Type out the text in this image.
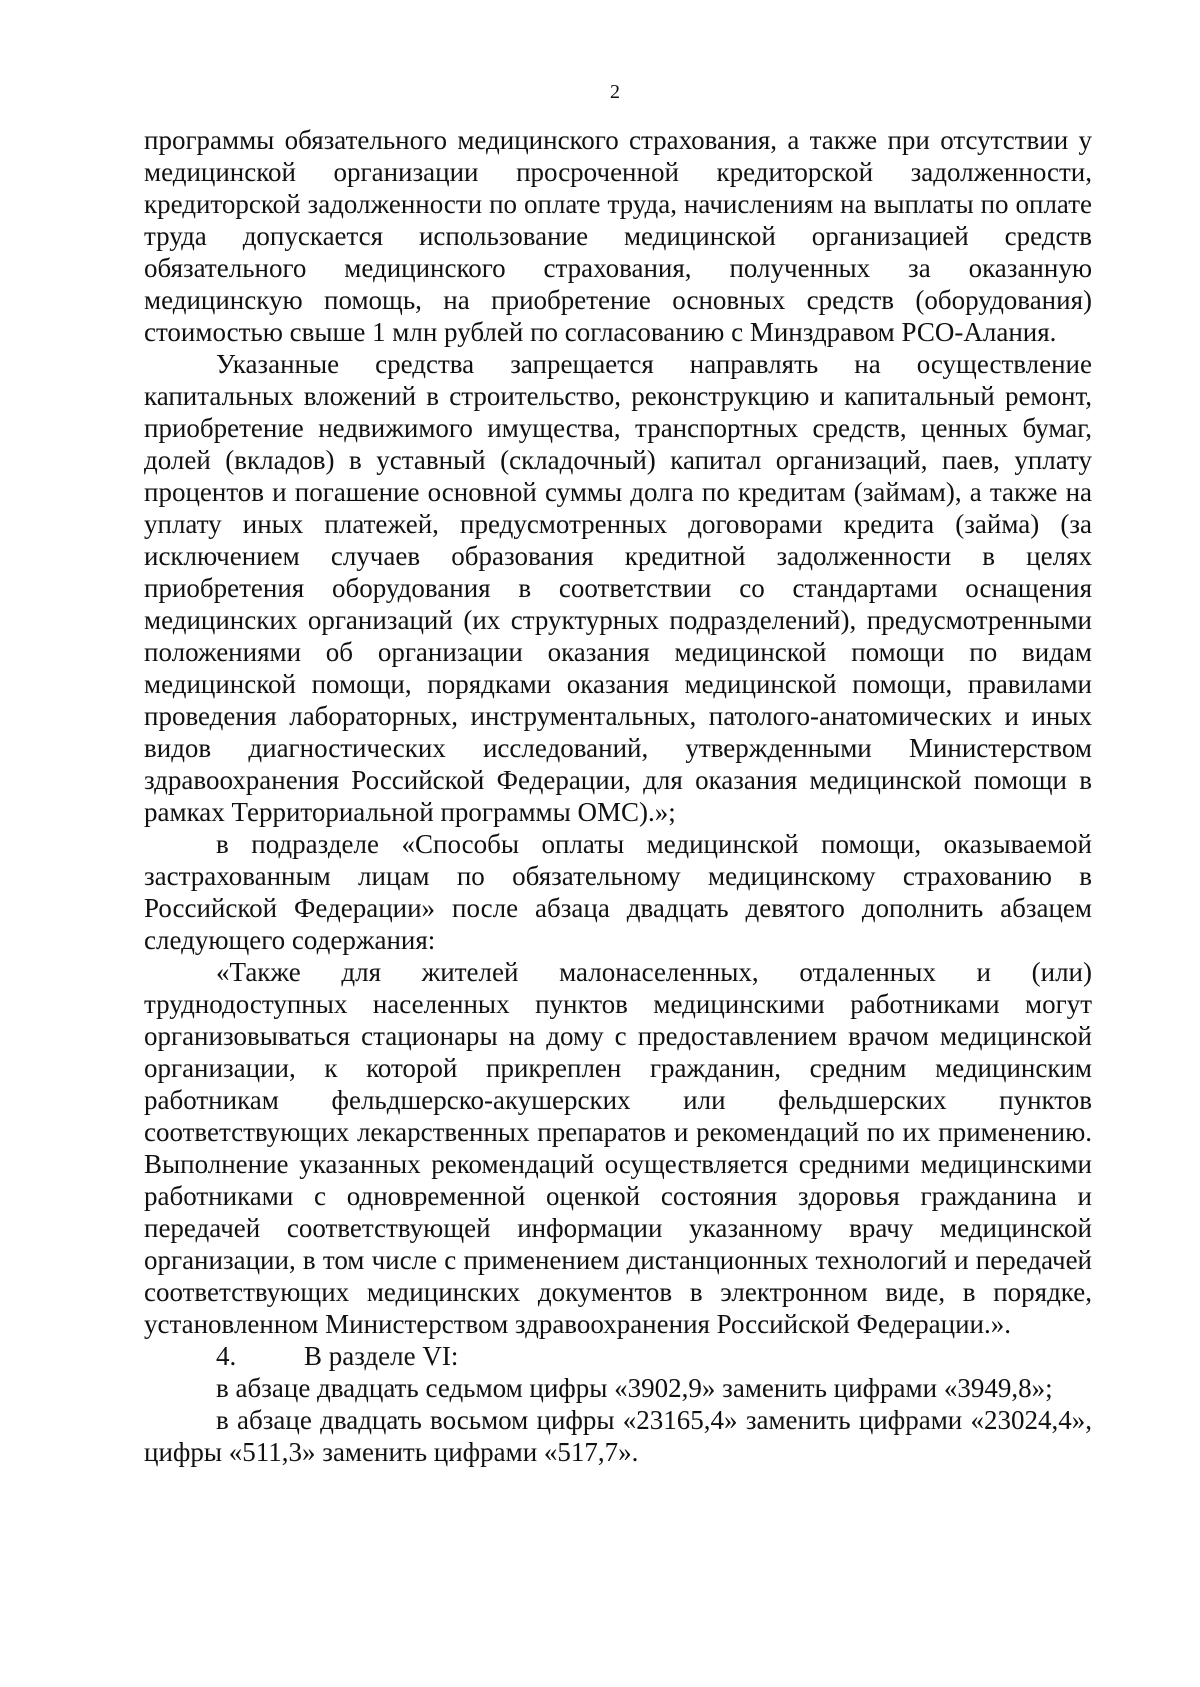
2

программы обязательного медицинского страхования, а также при отсутствии у медицинской организации просроченной кредиторской задолженности, кредиторской задолженности по оплате труда, начислениям на выплаты по оплате труда допускается использование медицинской организацией средств обязательного медицинского страхования, полученных за оказанную медицинскую помощь, на приобретение основных средств (оборудования) стоимостью свыше 1 млн рублей по согласованию с Минздравом РСО-Алания.

Указанные средства запрещается направлять на осуществление капитальных вложений в строительство, реконструкцию и капитальный ремонт, приобретение недвижимого имущества, транспортных средств, ценных бумаг, долей (вкладов) в уставный (складочный) капитал организаций, паев, уплату процентов и погашение основной суммы долга по кредитам (займам), а также на уплату иных платежей, предусмотренных договорами кредита (займа) (за исключением случаев образования кредитной задолженности в целях приобретения оборудования в соответствии со стандартами оснащения медицинских организаций (их структурных подразделений), предусмотренными положениями об организации оказания медицинской помощи по видам медицинской помощи, порядками оказания медицинской помощи, правилами проведения лабораторных, инструментальных, патолого-анатомических и иных видов диагностических исследований, утвержденными Министерством здравоохранения Российской Федерации, для оказания медицинской помощи в рамках Территориальной программы ОМС).»;

в подразделе «Способы оплаты медицинской помощи, оказываемой застрахованным лицам по обязательному медицинскому страхованию в Российской Федерации» после абзаца двадцать девятого дополнить абзацем следующего содержания:

«Также для жителей малонаселенных, отдаленных и (или) труднодоступных населенных пунктов медицинскими работниками могут организовываться стационары на дому с предоставлением врачом медицинской организации, к которой прикреплен гражданин, средним медицинским работникам фельдшерско-акушерских или фельдшерских пунктов соответствующих лекарственных препаратов и рекомендаций по их применению. Выполнение указанных рекомендаций осуществляется средними медицинскими работниками с одновременной оценкой состояния здоровья гражданина и передачей соответствующей информации указанному врачу медицинской организации, в том числе с применением дистанционных технологий и передачей соответствующих медицинских документов в электронном виде, в порядке, установленном Министерством здравоохранения Российской Федерации.».

4.	В разделе VI:

в абзаце двадцать седьмом цифры «3902,9» заменить цифрами «3949,8»;

в абзаце двадцать восьмом цифры «23165,4» заменить цифрами «23024,4», цифры «511,3» заменить цифрами «517,7».
